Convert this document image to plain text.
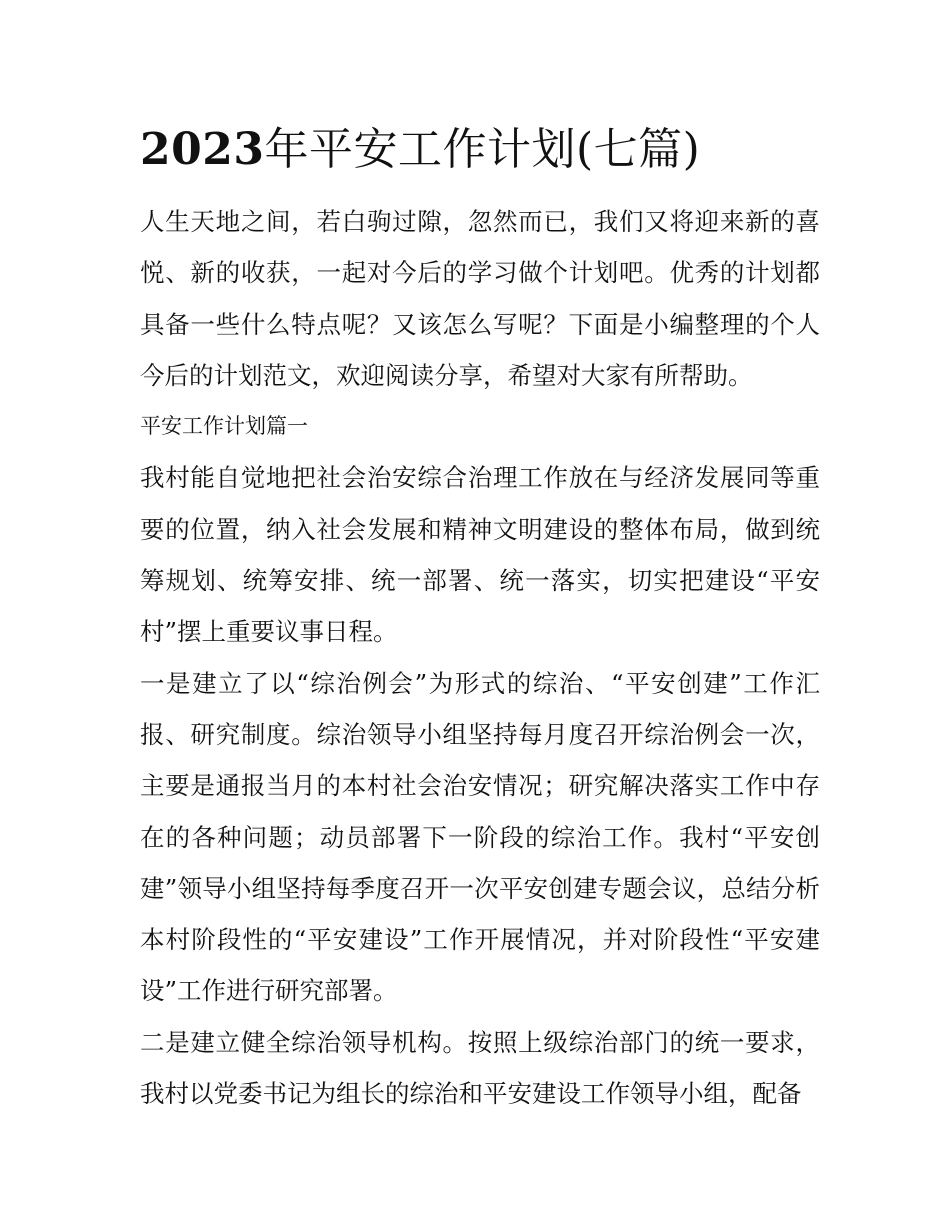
2023年平安工作计划(七篇)

人生天地之间，若白驹过隙，忽然而已，我们又将迎来新的喜悦、新的收获，一起对今后的学习做个计划吧。优秀的计划都具备一些什么特点呢？又该怎么写呢？下面是小编整理的个人今后的计划范文，欢迎阅读分享，希望对大家有所帮助。

平安工作计划篇一

我村能自觉地把社会治安综合治理工作放在与经济发展同等重要的位置，纳入社会发展和精神文明建设的整体布局，做到统筹规划、统筹安排、统一部署、统一落实，切实把建设“平安村”摆上重要议事日程。

一是建立了以“综治例会”为形式的综治、“平安创建”工作汇报、研究制度。综治领导小组坚持每月度召开综治例会一次，主要是通报当月的本村社会治安情况；研究解决落实工作中存在的各种问题；动员部署下一阶段的综治工作。我村“平安创建”领导小组坚持每季度召开一次平安创建专题会议，总结分析本村阶段性的“平安建设”工作开展情况，并对阶段性“平安建设”工作进行研究部署。

二是建立健全综治领导机构。按照上级综治部门的统一要求，我村以党委书记为组长的综治和平安建设工作领导小组，配备
